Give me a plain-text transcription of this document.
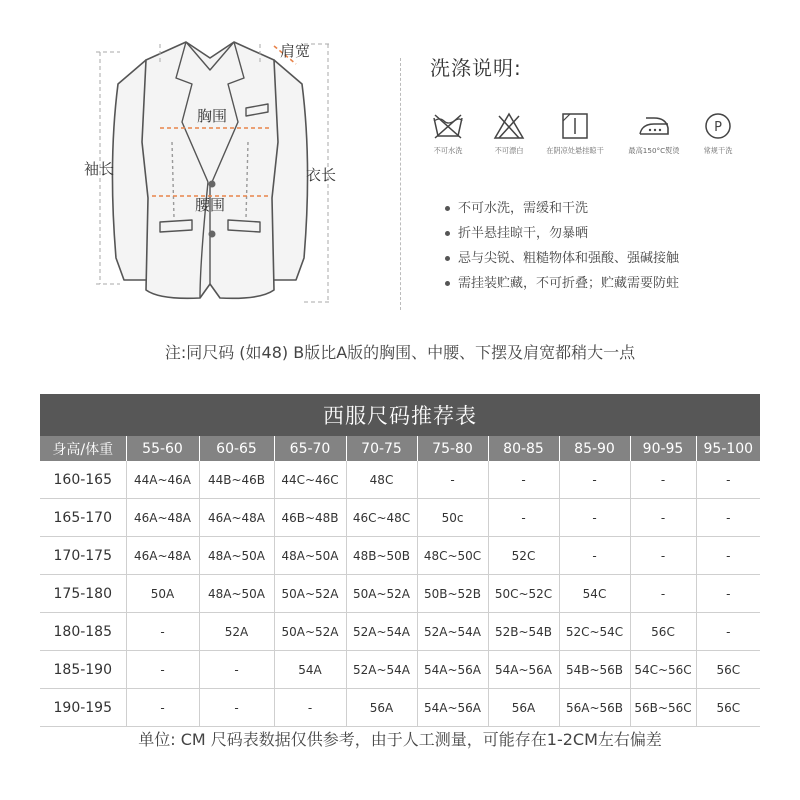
肩宽
胸围
袖长	衣长
腰围
洗涤说明:
不可水洗	不可漂白	在阴凉处悬挂晾干	最高150°C熨烫
P
常规干洗
不可水洗，需缓和干洗
折半悬挂晾干，勿暴晒
忌与尖锐、粗糙物体和强酸、强碱接触
需挂装贮藏，不可折叠；贮藏需要防蛀
注:同尺码 (如48) B版比A版的胸围、中腰、下摆及肩宽都稍大一点
西服尺码推荐表									
身高/体重	55-60	60-65	65-70	70-75	75-80	80-85	85-90	90-95	95-100
160-165	44A~46A	44B~46B	44C~46C	48C	-	-	-	-	-
165-170	46A~48A	46A~48A	46B~48B	46C~48C	50c	-	-	-	-
170-175	46A~48A	48A~50A	48A~50A	48B~50B	48C~50C	52C	-	-	-
175-180	50A	48A~50A	50A~52A	50A~52A	50B~52B	50C~52C	54C	-	-
180-185	-	52A	50A~52A	52A~54A	52A~54A	52B~54B	52C~54C	56C	-
185-190	-	-	54A	52A~54A	54A~56A	54A~56A	54B~56B	54C~56C	56C
190-195	-	-	-	56A	54A~56A	56A	56A~56B	56B~56C	56C
单位: CM 尺码表数据仅供参考，由于人工测量，可能存在1-2CM左右偏差									
